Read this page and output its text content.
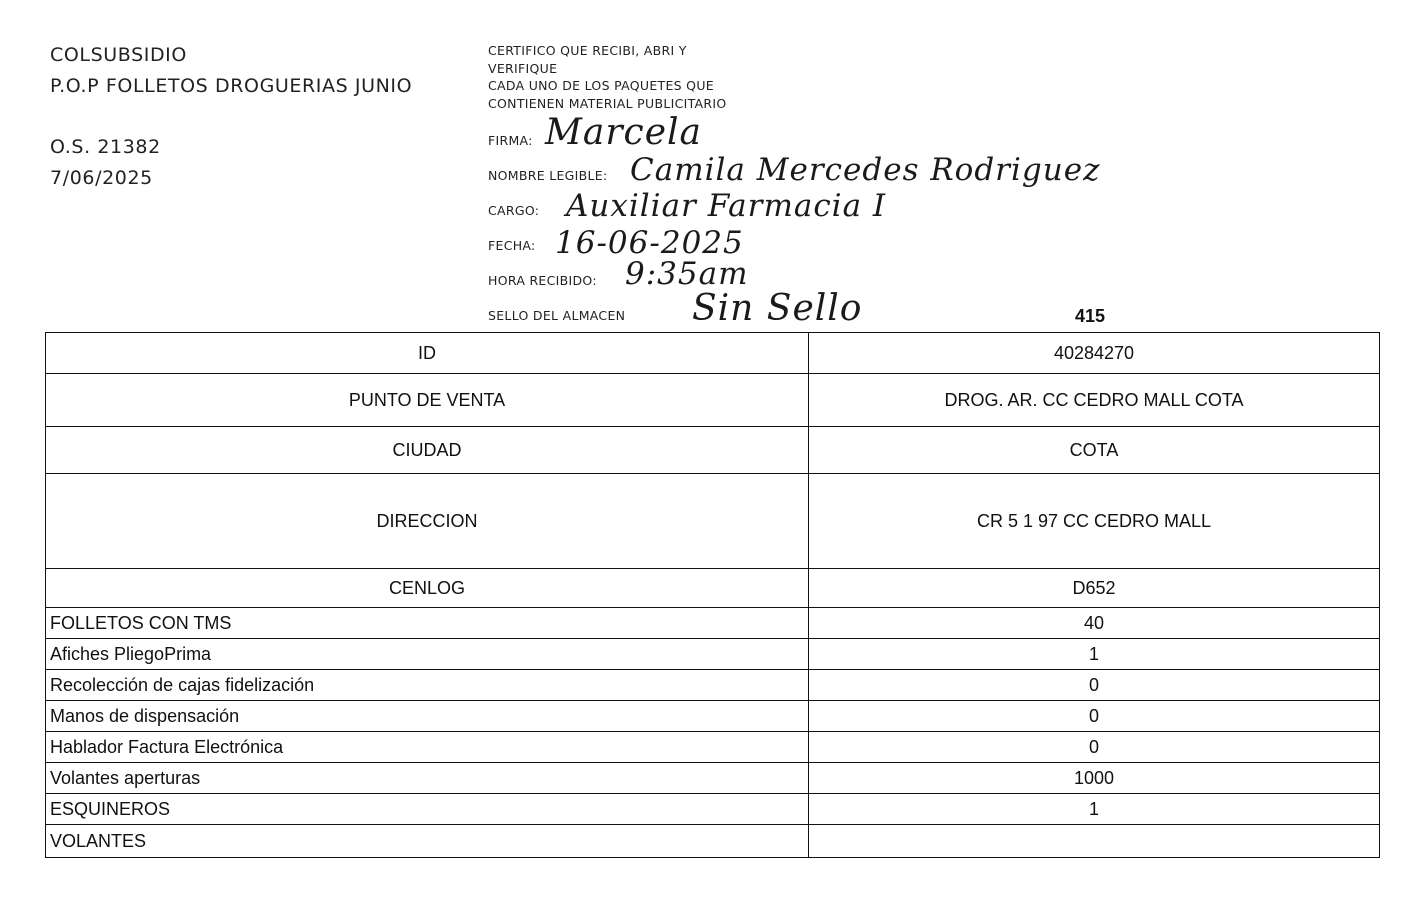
COLSUBSIDIO
P.O.P FOLLETOS DROGUERIAS JUNIO
O.S. 21382
7/06/2025
CERTIFICO QUE RECIBI, ABRI Y
VERIFIQUE
CADA UNO DE LOS PAQUETES QUE
CONTIENEN MATERIAL PUBLICITARIO
FIRMA: Marcela
NOMBRE LEGIBLE: Camila Mercedes Rodriguez
CARGO: Auxiliar Farmacia I
FECHA: 16-06-2025
HORA RECIBIDO: 9:35am
SELLO DEL ALMACEN Sin Sello	415
ID	40284270
PUNTO DE VENTA	DROG. AR. CC CEDRO MALL COTA
CIUDAD	COTA
DIRECCION	CR 5 1 97 CC CEDRO MALL
CENLOG	D652
FOLLETOS CON TMS	40
Afiches PliegoPrima	1
Recolección de cajas fidelización	0
Manos de dispensación	0
Hablador Factura Electrónica	0
Volantes aperturas	1000
ESQUINEROS	1
VOLANTES	
